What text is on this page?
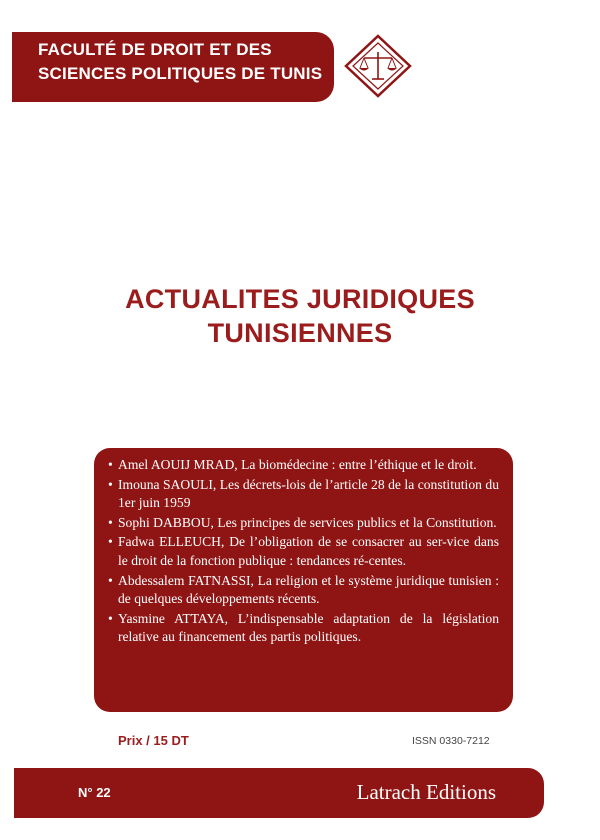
FACULTÉ DE DROIT ET DES
SCIENCES POLITIQUES DE TUNIS
ACTUALITES JURIDIQUES
TUNISIENNES
• Amel AOUIJ MRAD, La biomédecine : entre l’éthique et le droit.
• Imouna SAOULI, Les décrets-lois de l’article 28 de la constitution du 1er juin 1959
• Sophi DABBOU, Les principes de services publics et la Constitution.
• Fadwa ELLEUCH, De l’obligation de se consacrer au ser-vice dans le droit de la fonction publique : tendances ré-centes.
• Abdessalem FATNASSI, La religion et le système juridique tunisien : de quelques développements récents.
• Yasmine ATTAYA, L’indispensable adaptation de la législation relative au financement des partis politiques.
Prix / 15 DT	ISSN 0330-7212
N° 22	Latrach Editions
